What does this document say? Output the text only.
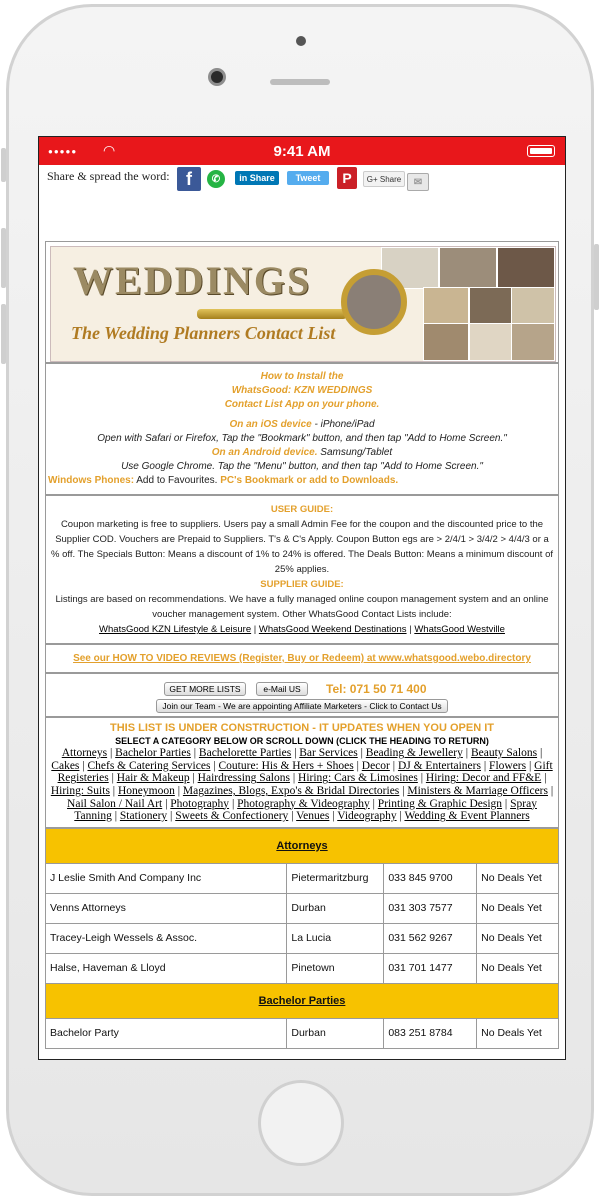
●●●●● ◠	9:41 AM
Share & spread the word: f	✆	in Share	Tweet	P	G+ Share	✉
WEDDINGS
The Wedding Planners Contact List
How to Install the
WhatsGood: KZN WEDDINGS
Contact List App on your phone.
On an iOS device - iPhone/iPad
Open with Safari or Firefox, Tap the "Bookmark" button, and then tap "Add to Home Screen."
On an Android device. Samsung/Tablet
Use Google Chrome. Tap the "Menu" button, and then tap "Add to Home Screen."
Windows Phones: Add to Favourites. PC's Bookmark or add to Downloads.
USER GUIDE:
Coupon marketing is free to suppliers. Users pay a small Admin Fee for the coupon and the discounted price to the Supplier COD. Vouchers are Prepaid to Suppliers. T's & C's Apply. Coupon Button egs are > 2/4/1 > 3/4/2 > 4/4/3 or a % off. The Specials Button: Means a discount of 1% to 24% is offered. The Deals Button: Means a minimum discount of 25% applies.
SUPPLIER GUIDE:
Listings are based on recommendations. We have a fully managed online coupon management system and an online voucher management system. Other WhatsGood Contact Lists include:
WhatsGood KZN Lifestyle & Leisure | WhatsGood Weekend Destinations | WhatsGood Westville
See our HOW TO VIDEO REVIEWS (Register, Buy or Redeem) at www.whatsgood.webo.directory
GET MORE LISTS	e-Mail US	Tel: 071 50 71 400
Join our Team - We are appointing Affiliate Marketers - Click to Contact Us
THIS LIST IS UNDER CONSTRUCTION - IT UPDATES WHEN YOU OPEN IT
SELECT A CATEGORY BELOW OR SCROLL DOWN (CLICK THE HEADING TO RETURN)
Attorneys | Bachelor Parties | Bachelorette Parties | Bar Services | Beading & Jewellery | Beauty Salons | Cakes | Chefs & Catering Services | Couture: His & Hers + Shoes | Decor | DJ & Entertainers | Flowers | Gift Registeries | Hair & Makeup | Hairdressing Salons | Hiring: Cars & Limosines | Hiring: Decor and FF&E | Hiring: Suits | Honeymoon | Magazines, Blogs, Expo's & Bridal Directories | Ministers & Marriage Officers | Nail Salon / Nail Art | Photography | Photography & Videography | Printing & Graphic Design | Spray Tanning | Stationery | Sweets & Confectionery | Venues | Videography | Wedding & Event Planners
Attorneys			
J Leslie Smith And Company Inc	Pietermaritzburg	033 845 9700	No Deals Yet
Venns Attorneys	Durban	031 303 7577	No Deals Yet
Tracey-Leigh Wessels & Assoc.	La Lucia	031 562 9267	No Deals Yet
Halse, Haveman & Lloyd	Pinetown	031 701 1477	No Deals Yet
Bachelor Parties			
Bachelor Party	Durban	083 251 8784	No Deals Yet
